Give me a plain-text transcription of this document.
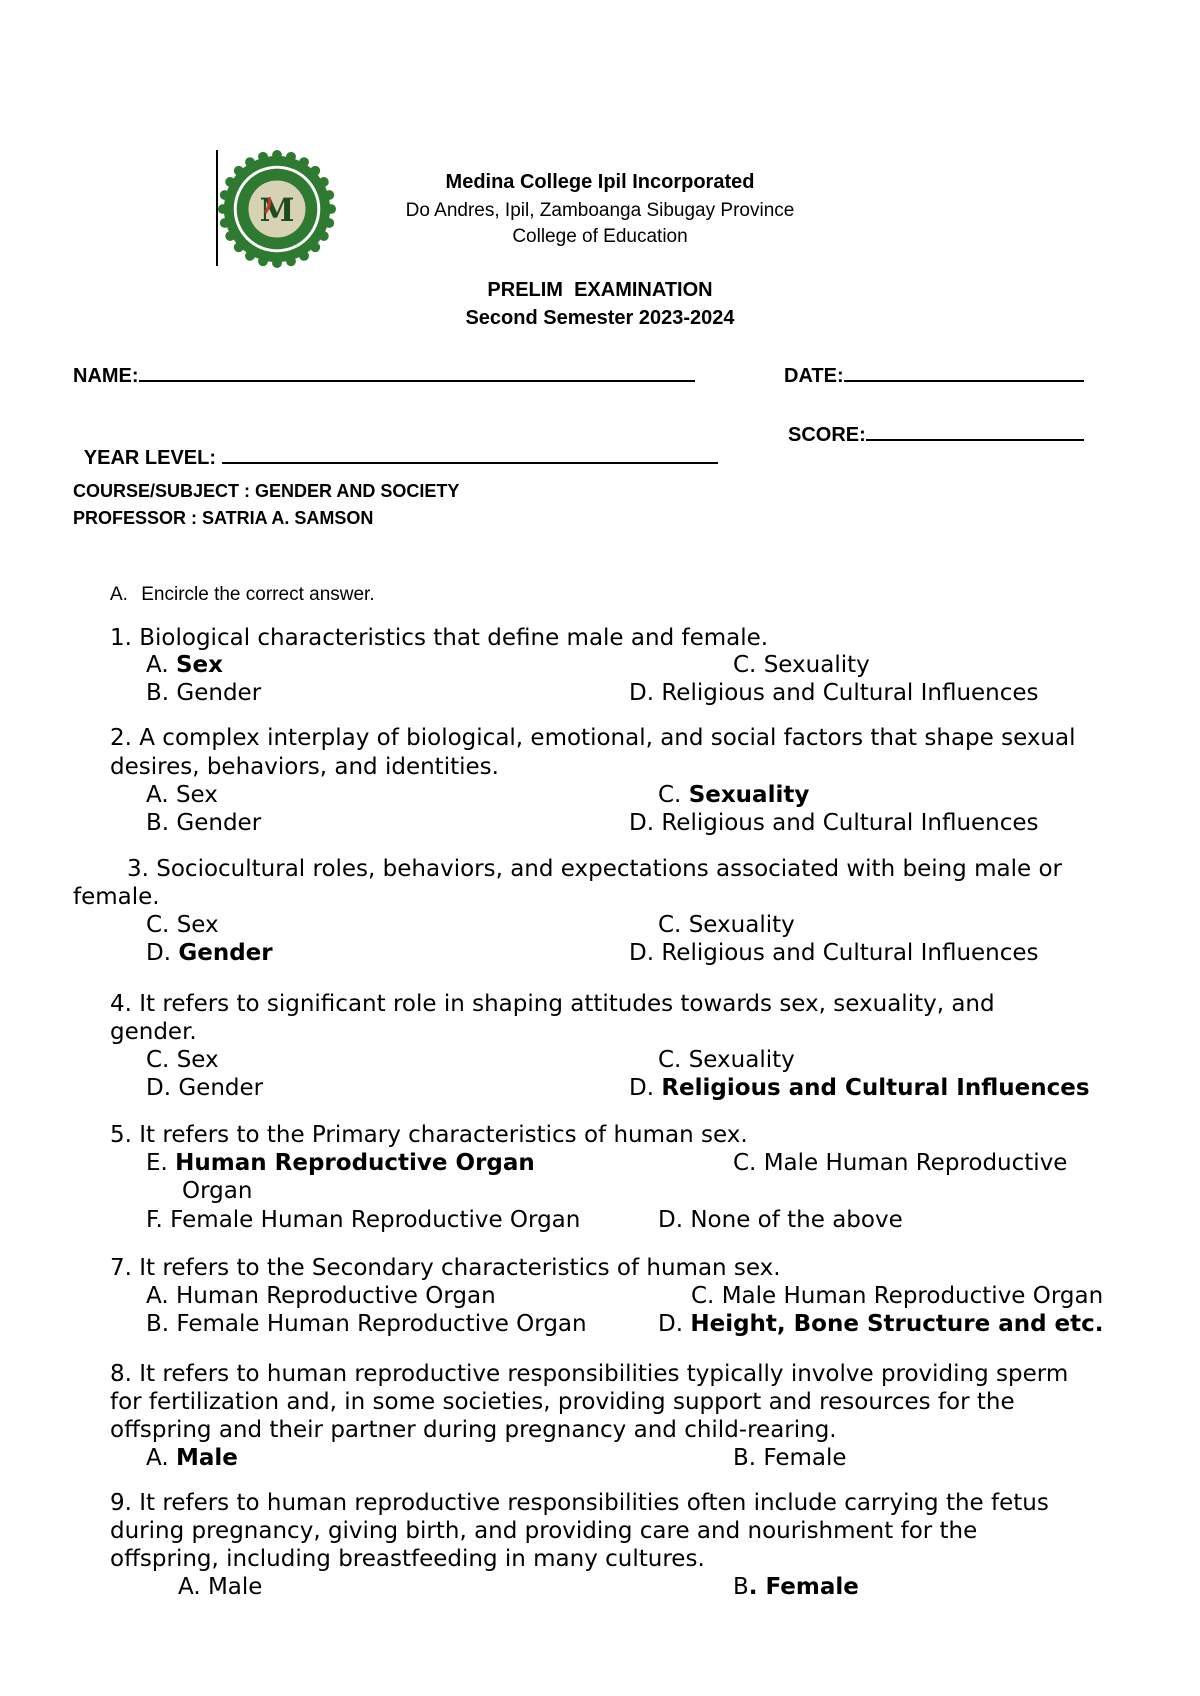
M
Medina College Ipil Incorporated
Do Andres, Ipil, Zamboanga Sibugay Province
College of Education
PRELIM  EXAMINATION
Second Semester 2023-2024
NAME:	DATE:

YEAR LEVEL:

SCORE:
COURSE/SUBJECT : GENDER AND SOCIETY
PROFESSOR : SATRIA A. SAMSON
A. Encircle the correct answer.
1. Biological characteristics that define male and female.
A. Sex	C. Sexuality
B. Gender	D. Religious and Cultural Influences
2. A complex interplay of biological, emotional, and social factors that shape sexual
desires, behaviors, and identities.
A. Sex	C. Sexuality
B. Gender	D. Religious and Cultural Influences
3. Sociocultural roles, behaviors, and expectations associated with being male or
female.
C. Sex	C. Sexuality
D. Gender	D. Religious and Cultural Influences
4. It refers to significant role in shaping attitudes towards sex, sexuality, and
gender.
C. Sex	C. Sexuality
D. Gender	D. Religious and Cultural Influences
5. It refers to the Primary characteristics of human sex.
E. Human Reproductive Organ	C. Male Human Reproductive
Organ
F. Female Human Reproductive Organ	D. None of the above
7. It refers to the Secondary characteristics of human sex.
A. Human Reproductive Organ	C. Male Human Reproductive Organ
B. Female Human Reproductive Organ	D. Height, Bone Structure and etc.
8. It refers to human reproductive responsibilities typically involve providing sperm
for fertilization and, in some societies, providing support and resources for the
offspring and their partner during pregnancy and child-rearing.
A. Male	B. Female
9. It refers to human reproductive responsibilities often include carrying the fetus
during pregnancy, giving birth, and providing care and nourishment for the
offspring, including breastfeeding in many cultures.
A. Male	B. Female
